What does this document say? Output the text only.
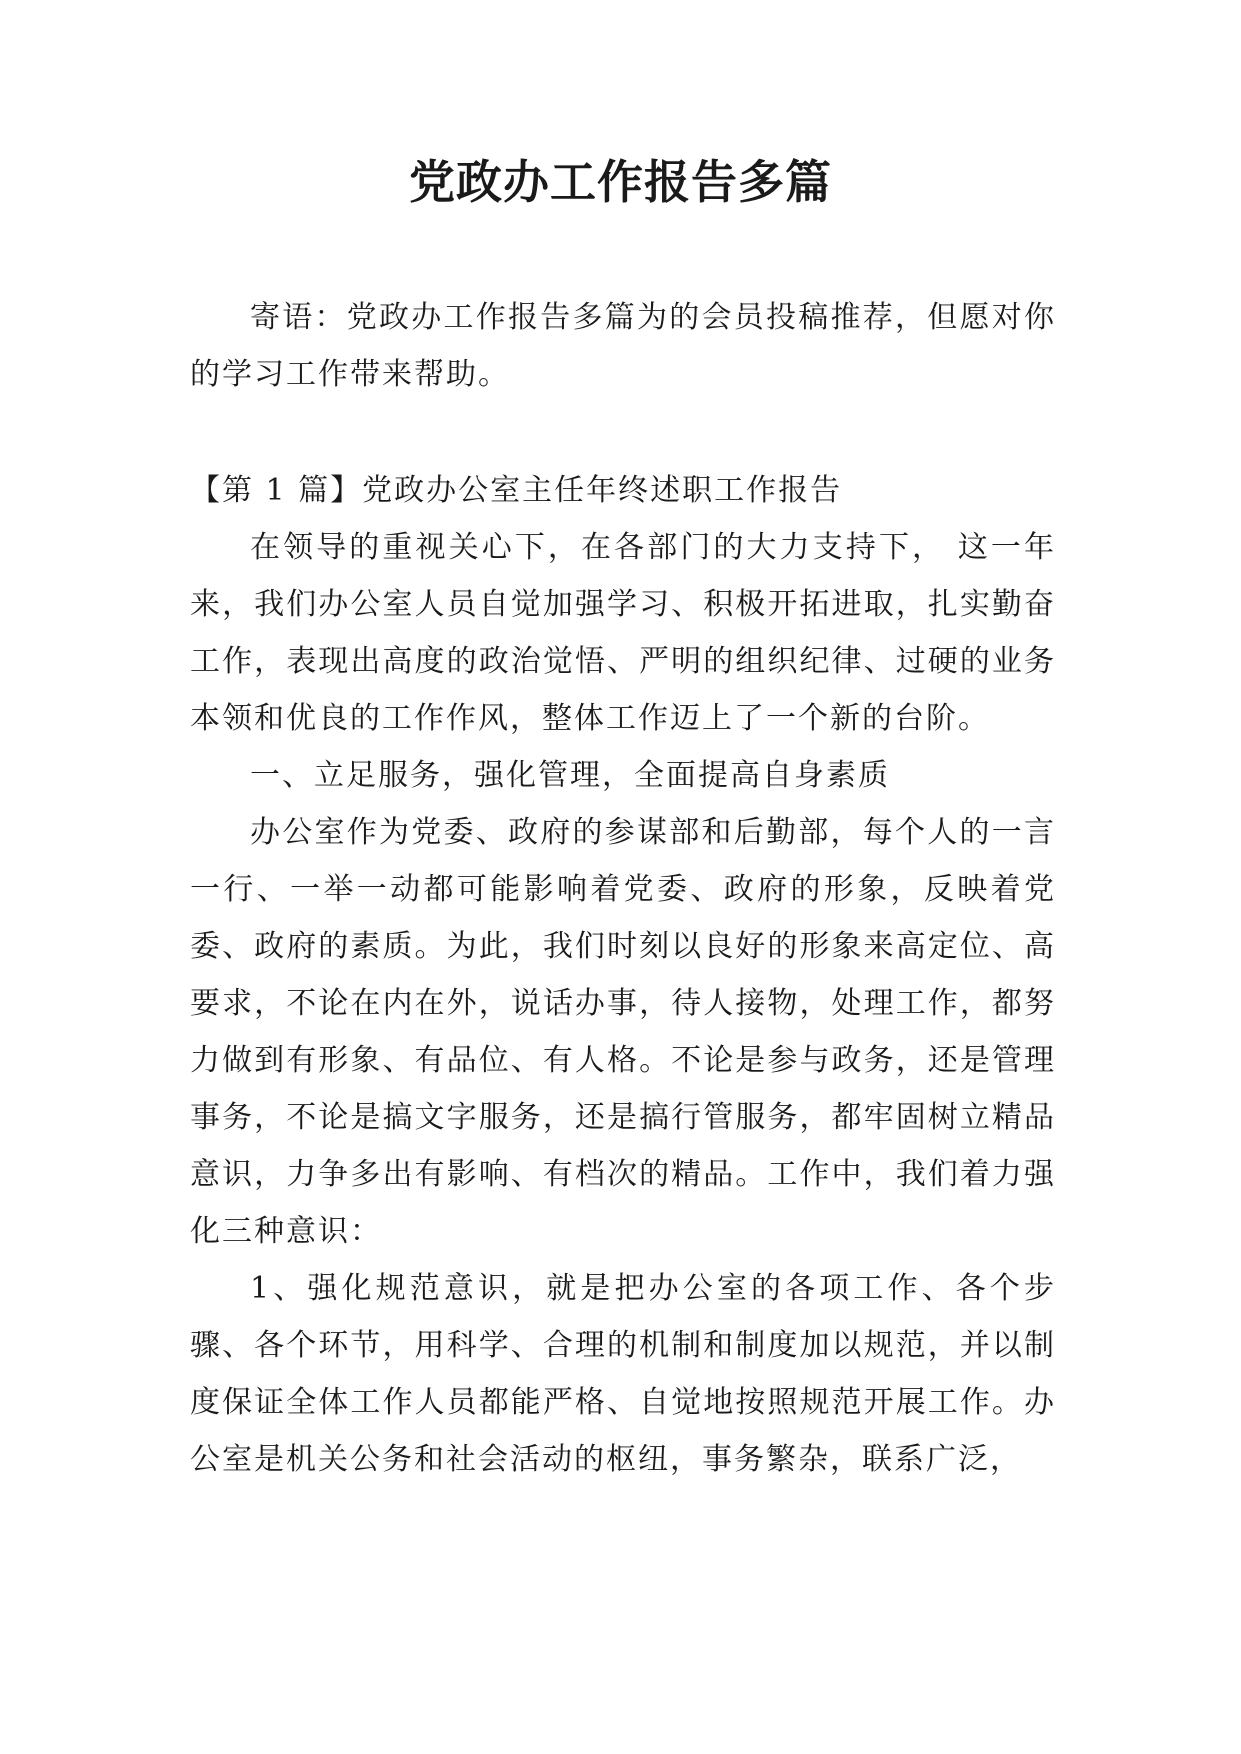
党政办工作报告多篇

寄语：党政办工作报告多篇为的会员投稿推荐，但愿对你的学习工作带来帮助。

【第 1 篇】党政办公室主任年终述职工作报告

在领导的重视关心下，在各部门的大力支持下， 这一年来，我们办公室人员自觉加强学习、积极开拓进取，扎实勤奋工作，表现出高度的政治觉悟、严明的组织纪律、过硬的业务本领和优良的工作作风，整体工作迈上了一个新的台阶。

一、立足服务，强化管理，全面提高自身素质

办公室作为党委、政府的参谋部和后勤部，每个人的一言一行、一举一动都可能影响着党委、政府的形象，反映着党委、政府的素质。为此，我们时刻以良好的形象来高定位、高要求，不论在内在外，说话办事，待人接物，处理工作，都努力做到有形象、有品位、有人格。不论是参与政务，还是管理事务，不论是搞文字服务，还是搞行管服务，都牢固树立精品意识，力争多出有影响、有档次的精品。工作中，我们着力强化三种意识：

1、强化规范意识，就是把办公室的各项工作、各个步骤、各个环节，用科学、合理的机制和制度加以规范，并以制度保证全体工作人员都能严格、自觉地按照规范开展工作。办公室是机关公务和社会活动的枢纽，事务繁杂，联系广泛，
